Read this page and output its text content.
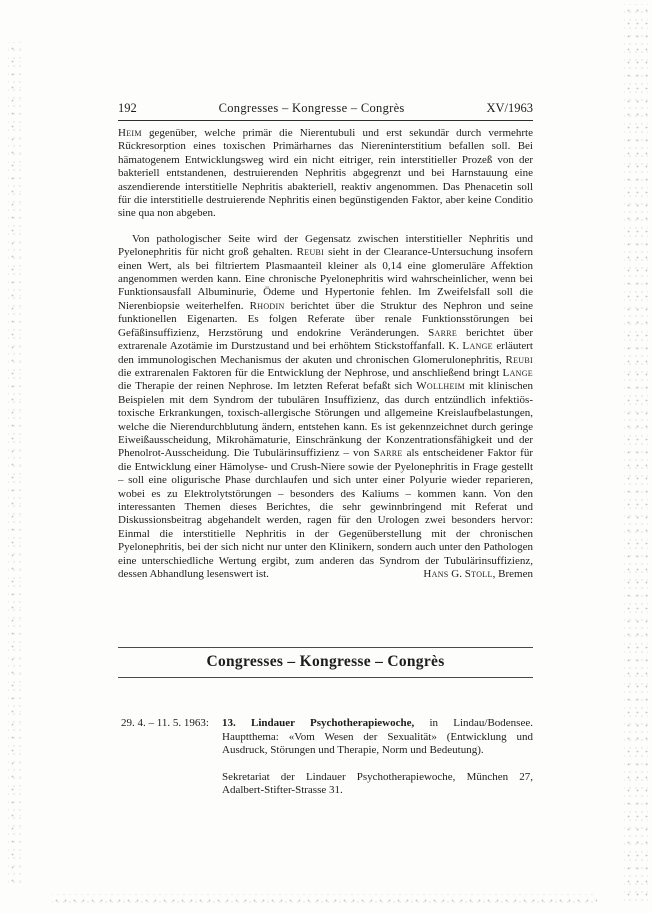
192	Congresses – Kongresse – Congrès	XV/1963

Heim gegenüber, welche primär die Nierentubuli und erst sekundär durch vermehrte Rückresorption eines toxischen Primärharnes das Niereninterstitium befallen soll. Bei hämatogenem Entwicklungsweg wird ein nicht eitriger, rein interstitieller Prozeß von der bakteriell entstandenen, destruierenden Nephritis abgegrenzt und bei Harnstauung eine aszendierende interstitielle Nephritis abakteriell, reaktiv angenommen. Das Phenacetin soll für die interstitielle destruierende Nephritis einen begünstigenden Faktor, aber keine Conditio sine qua non abgeben.

Von pathologischer Seite wird der Gegensatz zwischen interstitieller Nephritis und Pyelonephritis für nicht groß gehalten. Reubi sieht in der Clearance-Untersuchung insofern einen Wert, als bei filtriertem Plasmaanteil kleiner als 0,14 eine glomeruläre Affektion angenommen werden kann. Eine chronische Pyelonephritis wird wahrscheinlicher, wenn bei Funktionsausfall Albuminurie, Ödeme und Hypertonie fehlen. Im Zweifelsfall soll die Nierenbiopsie weiterhelfen. Rhodin berichtet über die Struktur des Nephron und seine funktionellen Eigenarten. Es folgen Referate über renale Funktionsstörungen bei Gefäßinsuffizienz, Herzstörung und endokrine Veränderungen. Sarre berichtet über extrarenale Azotämie im Durstzustand und bei erhöhtem Stickstoffanfall. K. Lange erläutert den immunologischen Mechanismus der akuten und chronischen Glomerulonephritis, Reubi die extrarenalen Faktoren für die Entwicklung der Nephrose, und anschließend bringt Lange die Therapie der reinen Nephrose. Im letzten Referat befaßt sich Wollheim mit klinischen Beispielen mit dem Syndrom der tubulären Insuffizienz, das durch entzündlich infektiös-toxische Erkrankungen, toxisch-allergische Störungen und allgemeine Kreislaufbelastungen, welche die Nierendurchblutung ändern, entstehen kann. Es ist gekennzeichnet durch geringe Eiweißausscheidung, Mikrohämaturie, Einschränkung der Konzentrationsfähigkeit und der Phenolrot-Ausscheidung. Die Tubulärinsuffizienz – von Sarre als entscheidener Faktor für die Entwicklung einer Hämolyse- und Crush-Niere sowie der Pyelonephritis in Frage gestellt – soll eine oligurische Phase durchlaufen und sich unter einer Polyurie wieder reparieren, wobei es zu Elektrolytstörungen – besonders des Kaliums – kommen kann. Von den interessanten Themen dieses Berichtes, die sehr gewinnbringend mit Referat und Diskussionsbeitrag abgehandelt werden, ragen für den Urologen zwei besonders hervor: Einmal die interstitielle Nephritis in der Gegenüberstellung mit der chronischen Pyelonephritis, bei der sich nicht nur unter den Klinikern, sondern auch unter den Pathologen eine unterschiedliche Wertung ergibt, zum anderen das Syndrom der Tubulärinsuffizienz, dessen Abhandlung lesenswert ist.	Hans G. Stoll, Bremen

Congresses – Kongresse – Congrès
29. 4. – 11. 5. 1963:	13. Lindauer Psychotherapiewoche, in Lindau/Bodensee. Hauptthema: «Vom Wesen der Sexualität» (Entwicklung und Ausdruck, Störungen und Therapie, Norm und Bedeutung).

Sekretariat der Lindauer Psychotherapiewoche, München 27, Adalbert-Stifter-Strasse 31.
